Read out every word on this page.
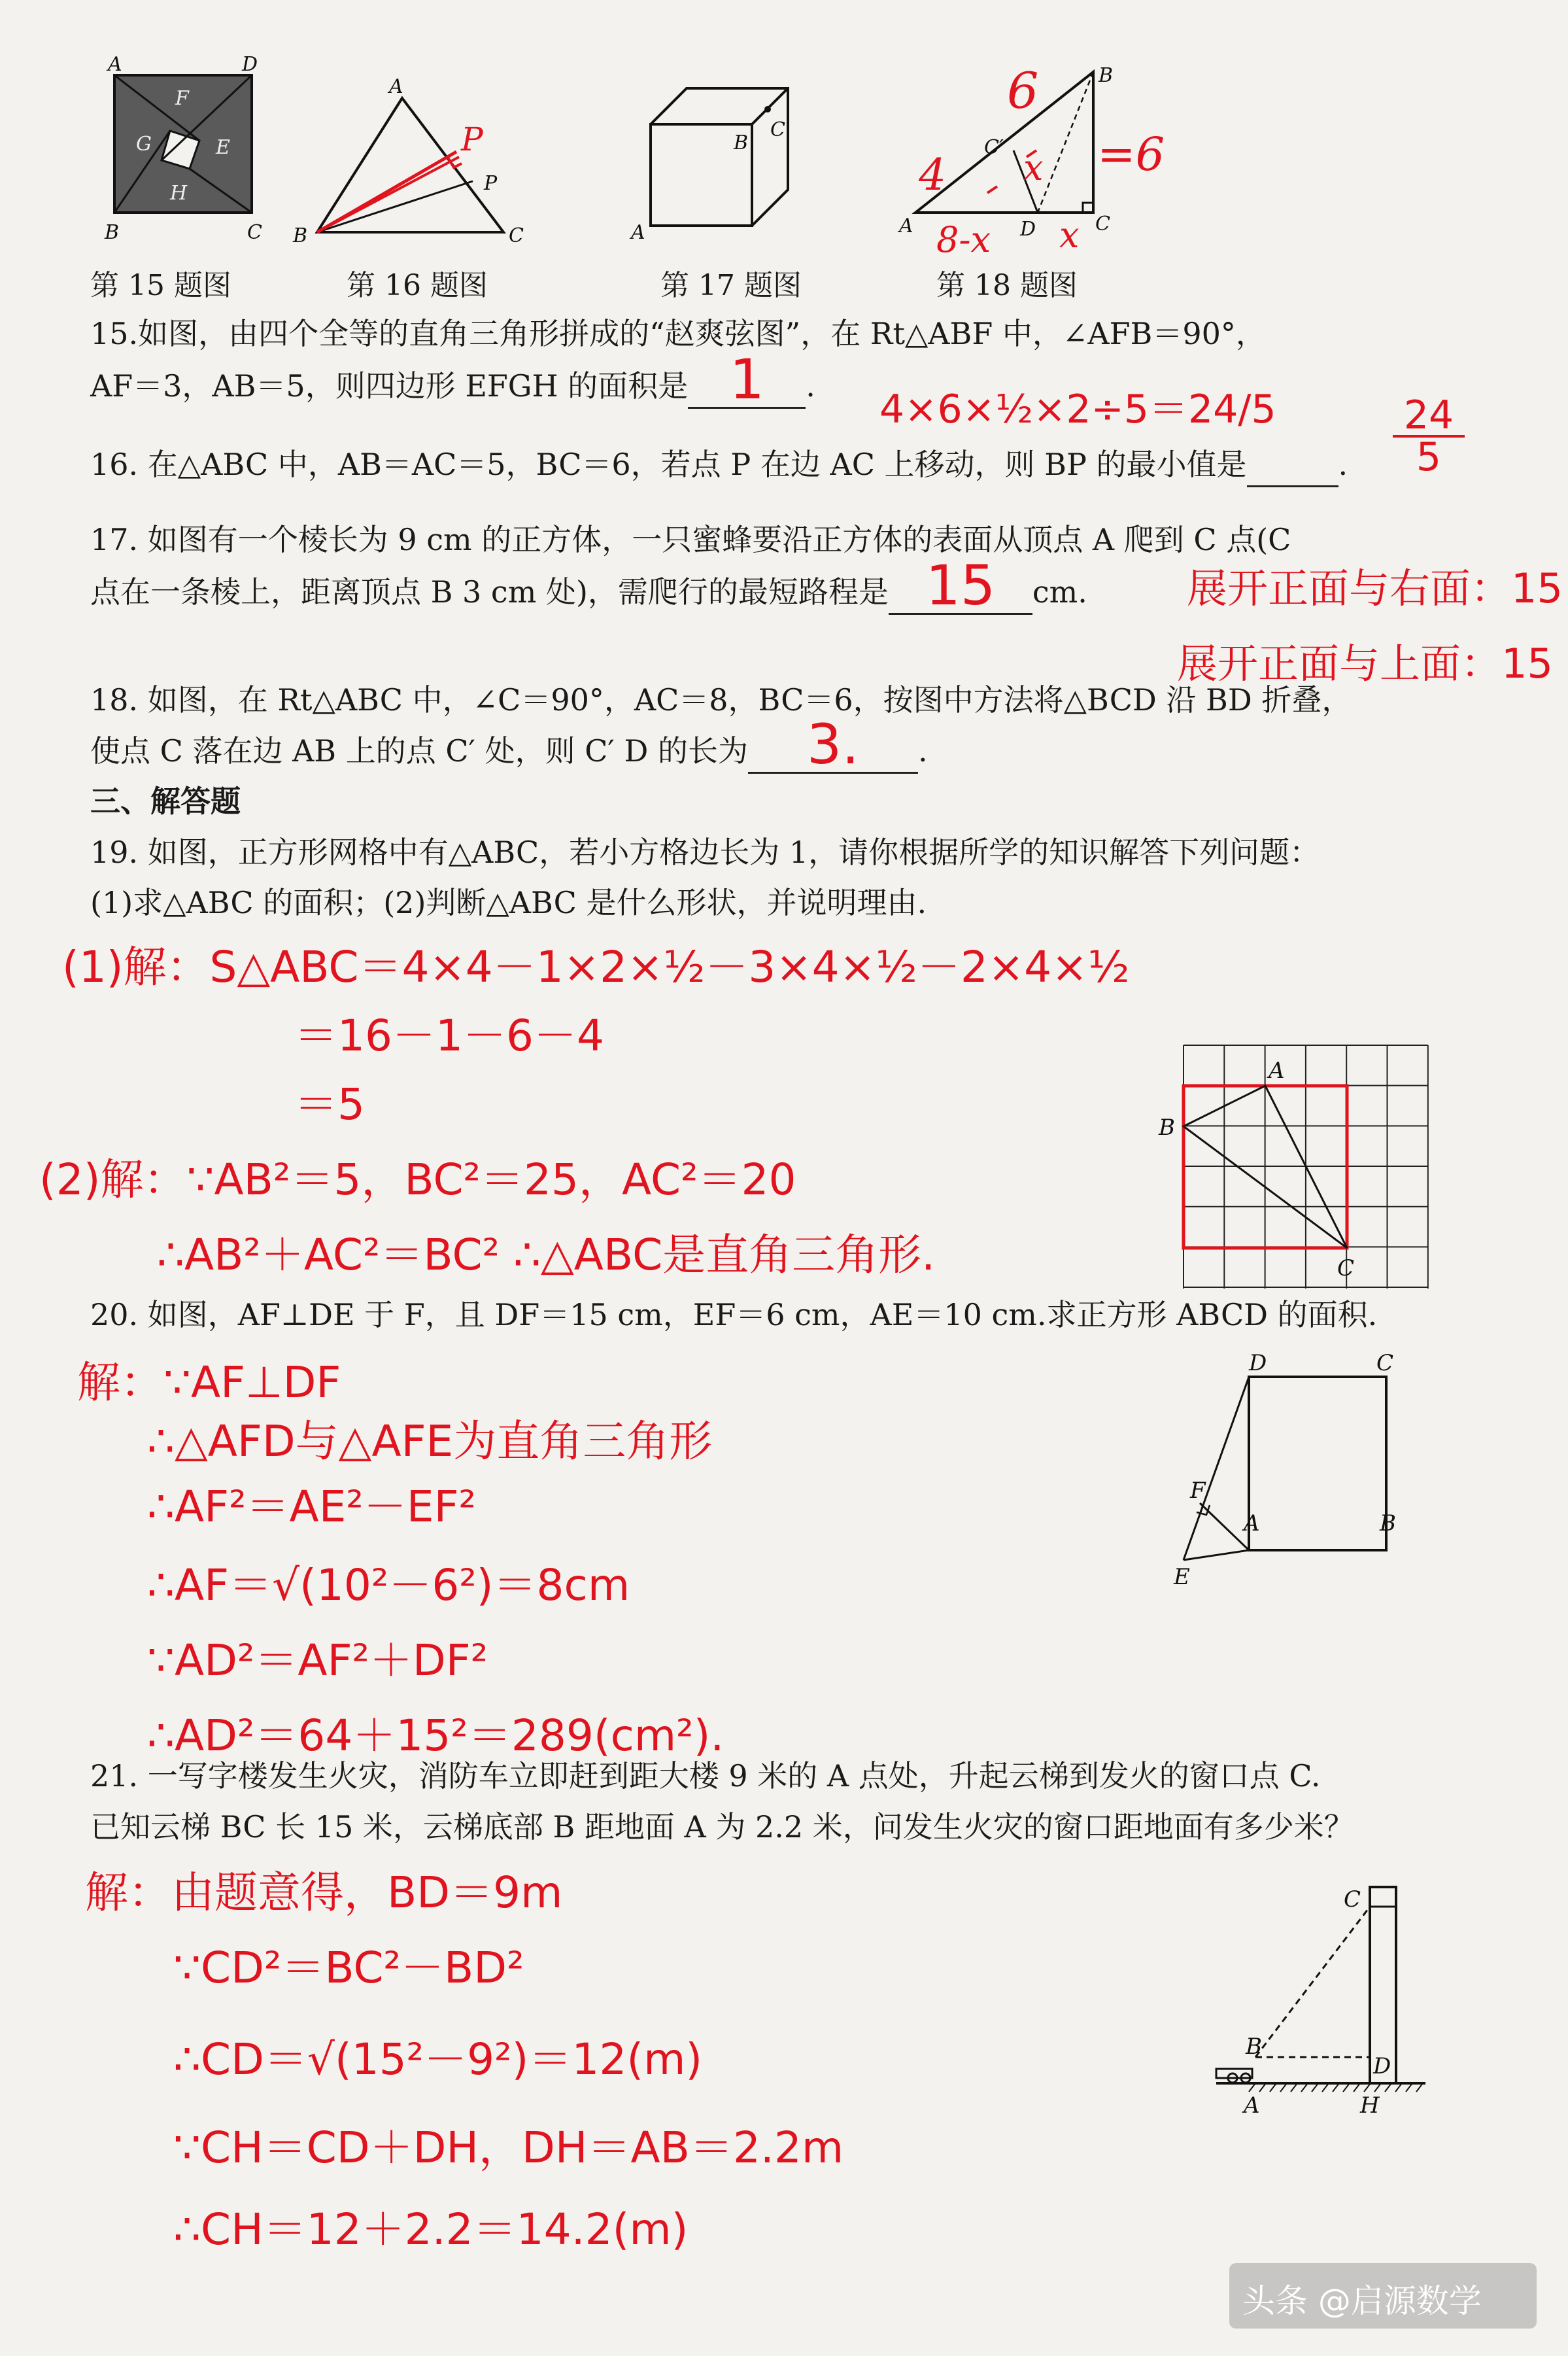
A	D
B	C
F
E
G
H
第 15 题图
A
B	C
P
P
第 16 题图
A
B
C
第 17 题图
B
A	C
C′
D
6
=6
4 x
x
8-x
第 18 题图
15.如图，由四个全等的直角三角形拼成的“赵爽弦图”，在 Rt△ABF 中，∠AFB＝90°，
AF＝3，AB＝5，则四边形 EFGH 的面积是 1 .
4×6×½×2÷5＝24/5
16. 在△ABC 中，AB＝AC＝5，BC＝6，若点 P 在边 AC 上移动，则 BP 的最小值是	.
24
5
17. 如图有一个棱长为 9 cm 的正方体，一只蜜蜂要沿正方体的表面从顶点 A 爬到 C 点(C
点在一条棱上，距离顶点 B 3 cm 处)，需爬行的最短路程是 15 cm. 展开正面与右面：15
展开正面与上面：15
18. 如图，在 Rt△ABC 中，∠C＝90°，AC＝8，BC＝6，按图中方法将△BCD 沿 BD 折叠，
使点 C 落在边 AB 上的点 C′ 处，则 C′ D 的长为 3. .
三、解答题
19. 如图，正方形网格中有△ABC，若小方格边长为 1，请你根据所学的知识解答下列问题：
(1)求△ABC 的面积；(2)判断△ABC 是什么形状，并说明理由.
(1)解：S△ABC＝4×4－1×2×½－3×4×½－2×4×½
＝16－1－6－4
＝5
(2)解：∵AB²＝5，BC²＝25，AC²＝20
∴AB²＋AC²＝BC² ∴△ABC是直角三角形.
A
B
C
20. 如图，AF⊥DE 于 F，且 DF＝15 cm，EF＝6 cm，AE＝10 cm.求正方形 ABCD 的面积.
解：∵AF⊥DF
∴△AFD与△AFE为直角三角形
∴AF²＝AE²－EF²
∴AF＝√(10²－6²)＝8cm
∵AD²＝AF²＋DF²
∴AD²＝64＋15²＝289(cm²).
D	C
F
A	B
E
21. 一写字楼发生火灾，消防车立即赶到距大楼 9 米的 A 点处，升起云梯到发火的窗口点 C.
已知云梯 BC 长 15 米，云梯底部 B 距地面 A 为 2.2 米，问发生火灾的窗口距地面有多少米？
解：由题意得，BD＝9m
∵CD²＝BC²－BD²
∴CD＝√(15²－9²)＝12(m)
∵CH＝CD＋DH，DH＝AB＝2.2m
∴CH＝12＋2.2＝14.2(m)
C
B
D
A	H
头条 @启源数学
